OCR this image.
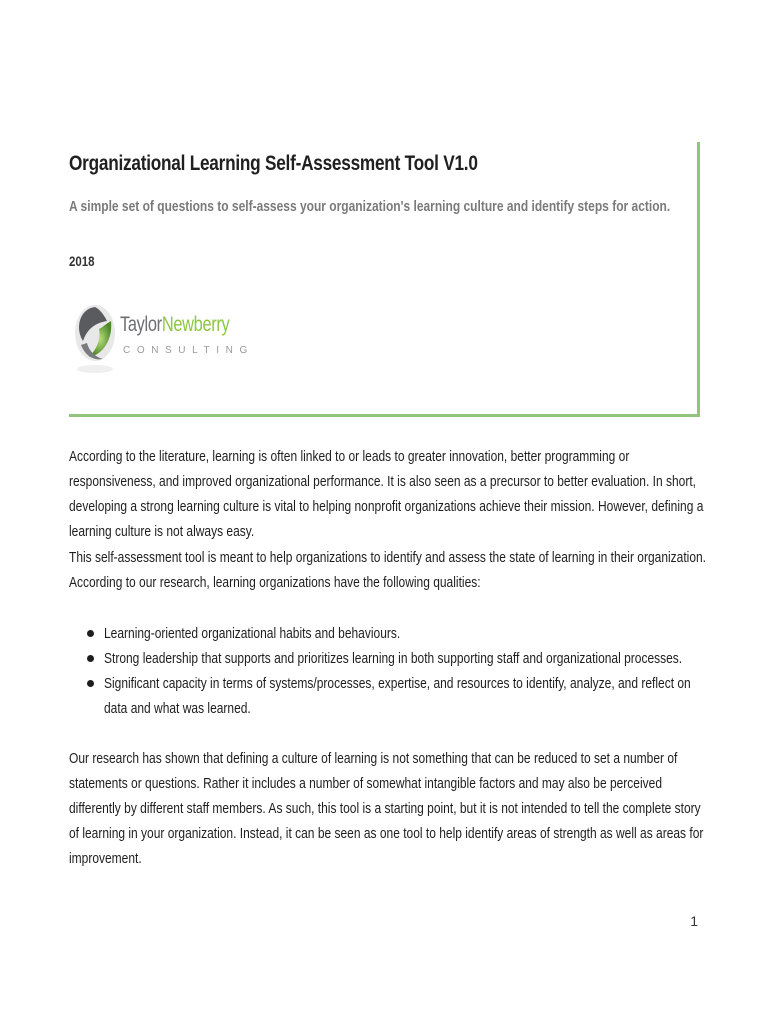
Organizational Learning Self-Assessment Tool V1.0

A simple set of questions to self-assess your organization's learning culture and identify steps for action.

2018

TaylorNewberry
CONSULTING
According to the literature, learning is often linked to or leads to greater innovation, better programming or responsiveness, and improved organizational performance. It is also seen as a precursor to better evaluation. In short, developing a strong learning culture is vital to helping nonprofit organizations achieve their mission. However, defining a learning culture is not always easy.
This self-assessment tool is meant to help organizations to identify and assess the state of learning in their organization. According to our research, learning organizations have the following qualities:
Learning-oriented organizational habits and behaviours.
Strong leadership that supports and prioritizes learning in both supporting staff and organizational processes.
Significant capacity in terms of systems/processes, expertise, and resources to identify, analyze, and reflect on data and what was learned.
Our research has shown that defining a culture of learning is not something that can be reduced to set a number of statements or questions. Rather it includes a number of somewhat intangible factors and may also be perceived differently by different staff members. As such, this tool is a starting point, but it is not intended to tell the complete story of learning in your organization. Instead, it can be seen as one tool to help identify areas of strength as well as areas for improvement.
1
